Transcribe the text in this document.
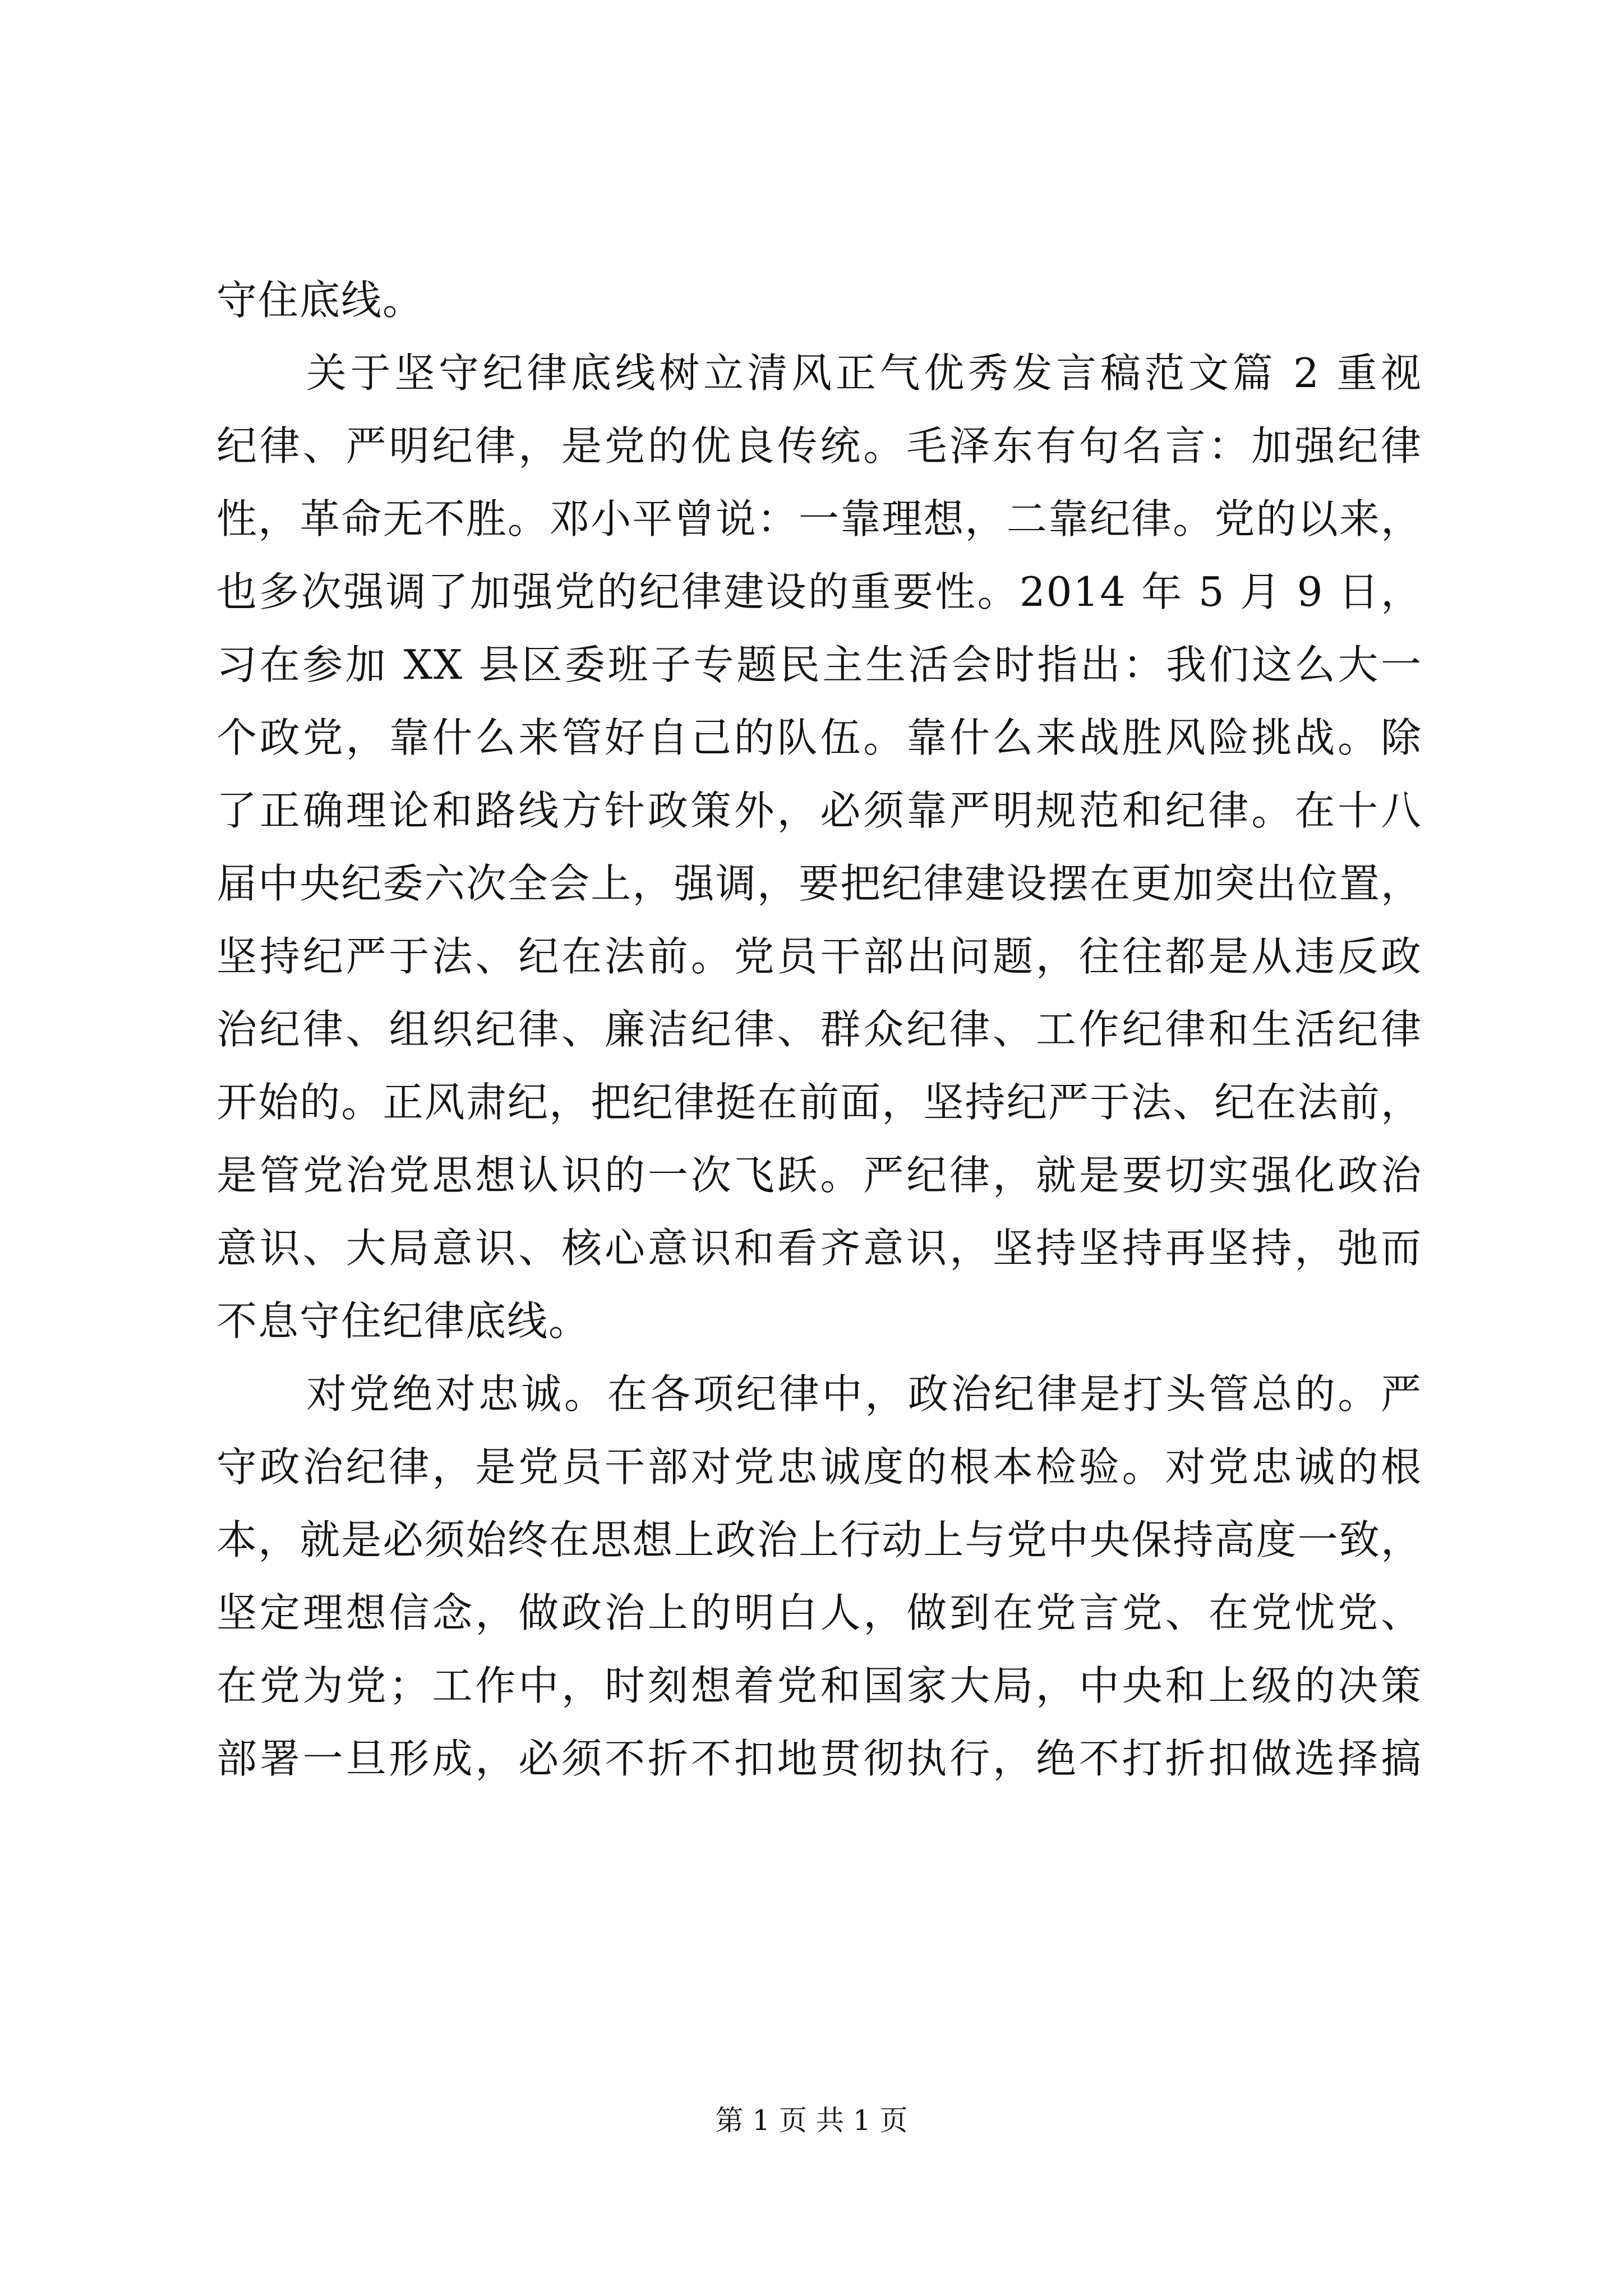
守住底线。
关于坚守纪律底线树立清风正气优秀发言稿范文篇 2 重视
纪律、严明纪律，是党的优良传统。毛泽东有句名言：加强纪律
性，革命无不胜。邓小平曾说：一靠理想，二靠纪律。党的以来，
也多次强调了加强党的纪律建设的重要性。2014 年 5 月 9 日，
习在参加 XX 县区委班子专题民主生活会时指出：我们这么大一
个政党，靠什么来管好自己的队伍。靠什么来战胜风险挑战。除
了正确理论和路线方针政策外，必须靠严明规范和纪律。在十八
届中央纪委六次全会上，强调，要把纪律建设摆在更加突出位置，
坚持纪严于法、纪在法前。党员干部出问题，往往都是从违反政
治纪律、组织纪律、廉洁纪律、群众纪律、工作纪律和生活纪律
开始的。正风肃纪，把纪律挺在前面，坚持纪严于法、纪在法前，
是管党治党思想认识的一次飞跃。严纪律，就是要切实强化政治
意识、大局意识、核心意识和看齐意识，坚持坚持再坚持，弛而
不息守住纪律底线。
对党绝对忠诚。在各项纪律中，政治纪律是打头管总的。严
守政治纪律，是党员干部对党忠诚度的根本检验。对党忠诚的根
本，就是必须始终在思想上政治上行动上与党中央保持高度一致，
坚定理想信念，做政治上的明白人，做到在党言党、在党忧党、
在党为党；工作中，时刻想着党和国家大局，中央和上级的决策
部署一旦形成，必须不折不扣地贯彻执行，绝不打折扣做选择搞
第 1 页 共 1 页
